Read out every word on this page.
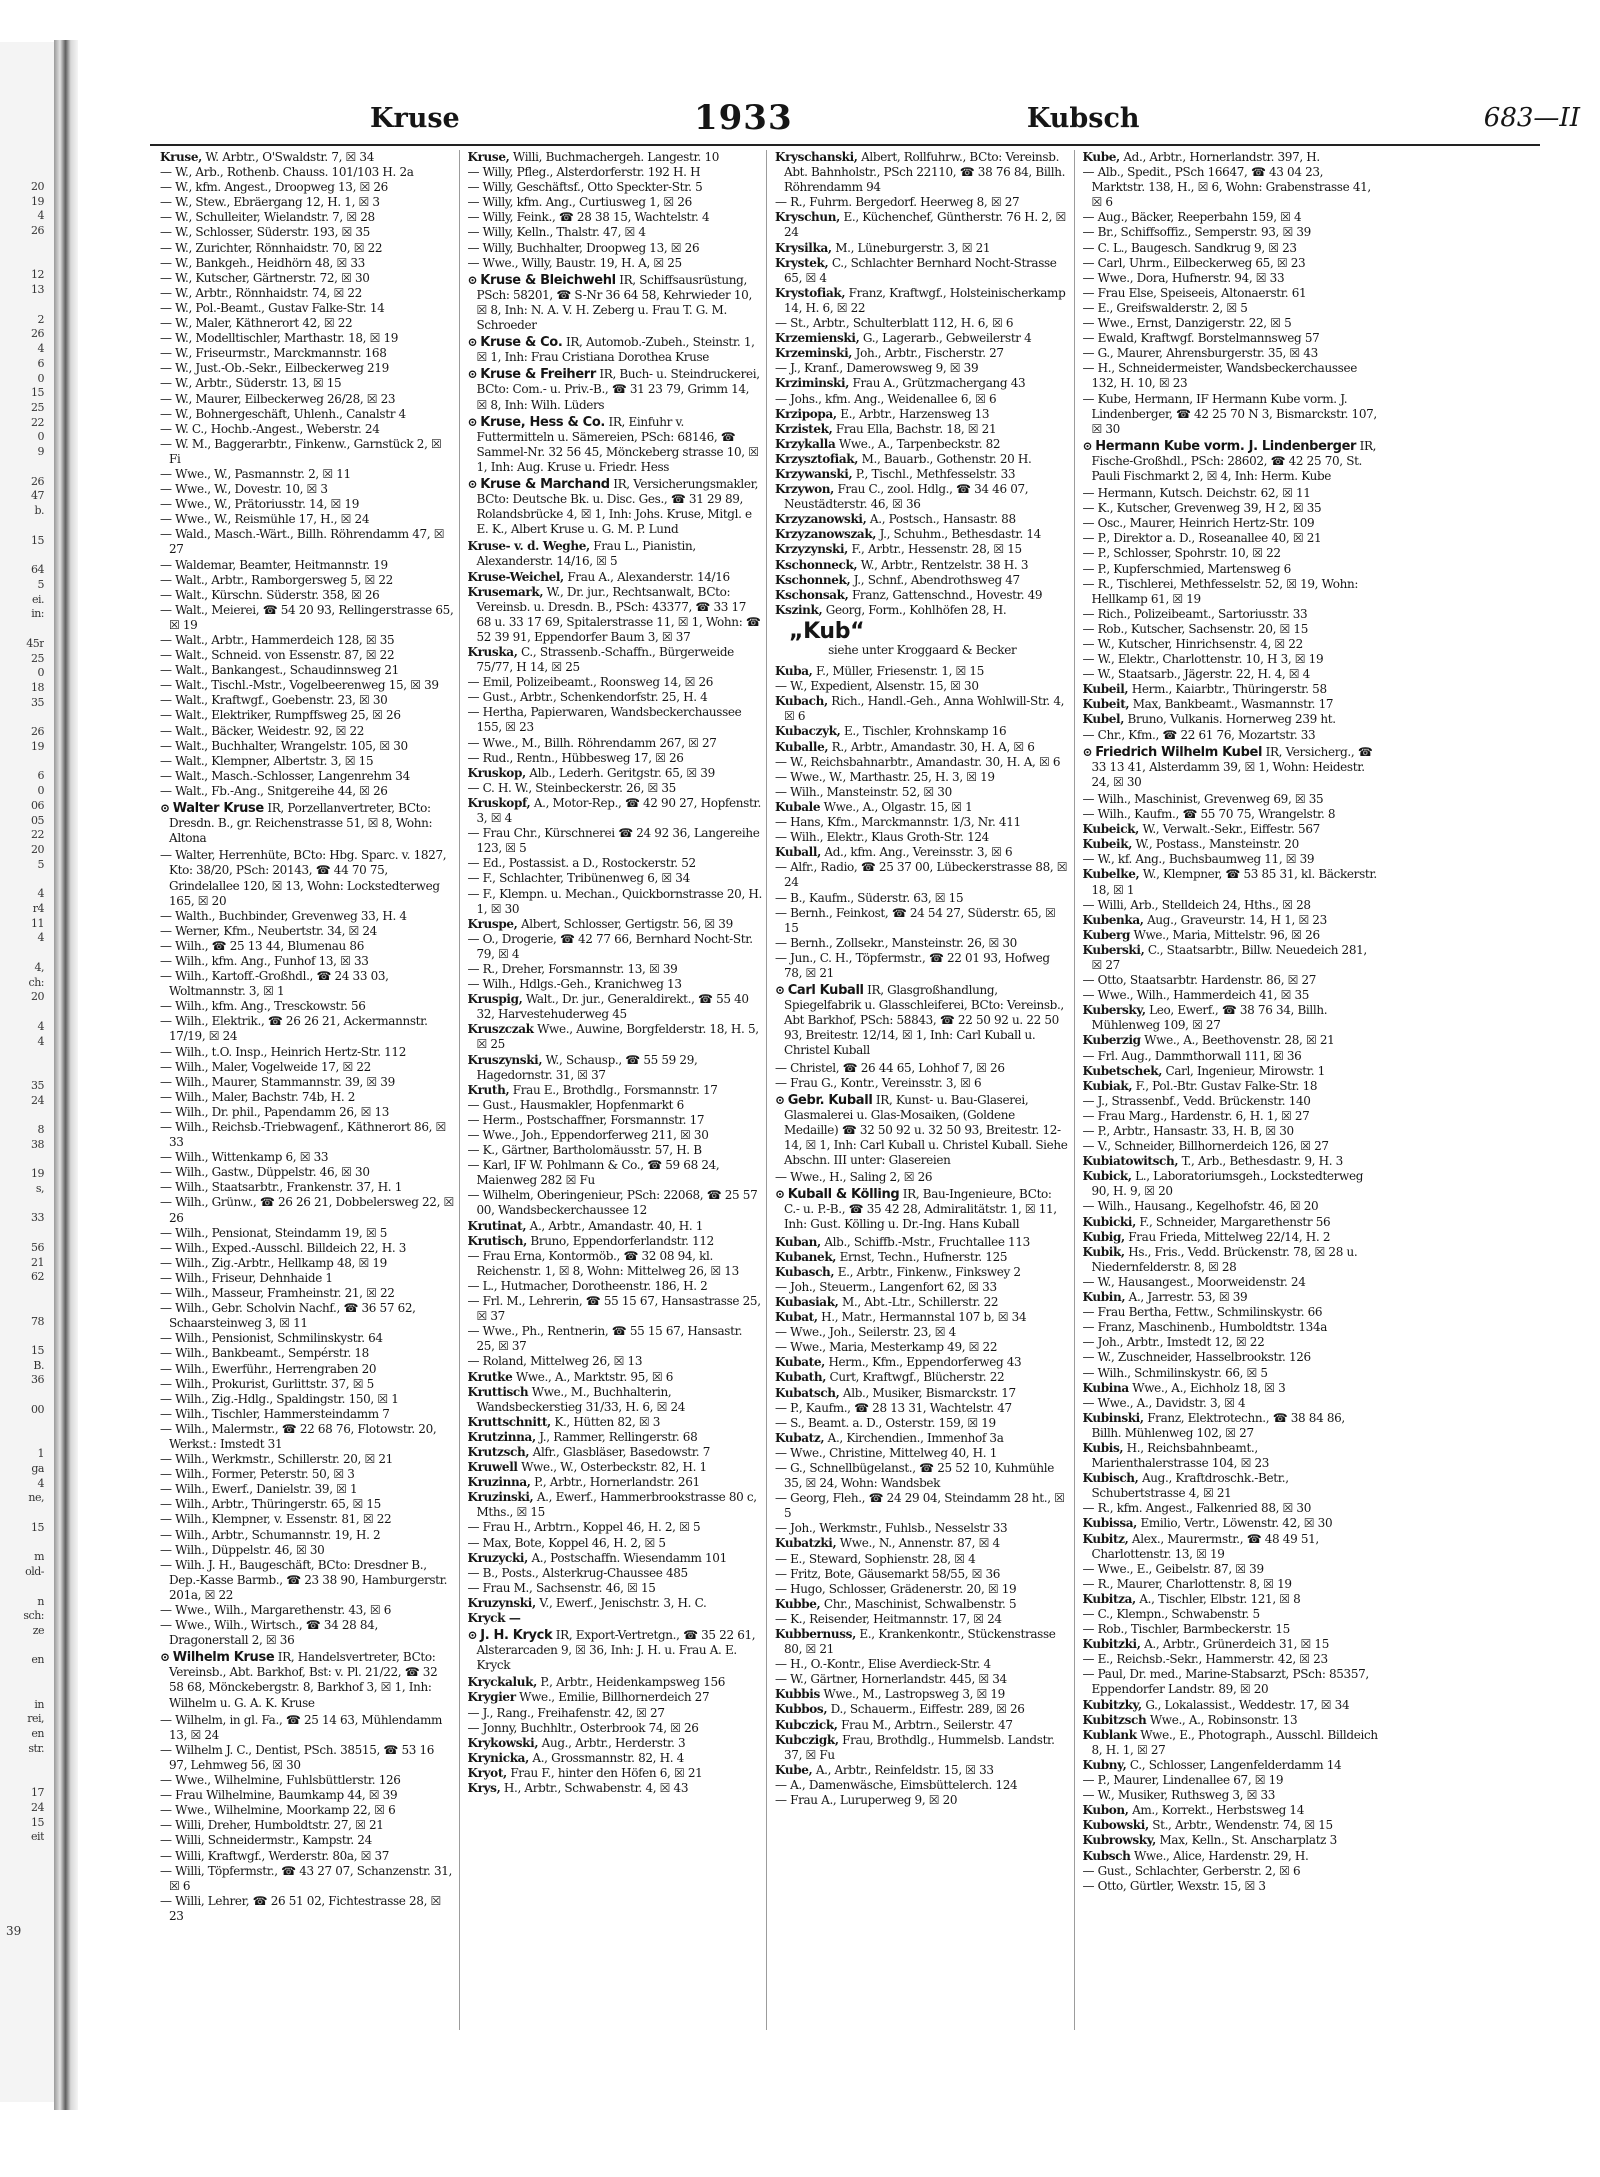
20
19
4
26

12
13

2
26
4
6
0
15
25
22
0
9

26
47
b.

15

64
5
ei.
in:

45r
25
0
18
35

26
19

6
0
06
05
22
20
5

4
r4
11
4

4,
ch:
20

4
4

35
24

8
38

19
s,

33

56
21
62

78

15
B.
36

00

1
ga
4
ne,

15

m
old-

n
sch:
ze

en

in
rei,
en
str.

17
24
15
eit

39
Kruse	1933	Kubsch	683—II

Kruse, W. Arbtr., O'Swaldstr. 7, ☒ 34

— W., Arb., Rothenb. Chauss. 101/103 H. 2a

— W., kfm. Angest., Droopweg 13, ☒ 26

— W., Stew., Ebräergang 12, H. 1, ☒ 3

— W., Schulleiter, Wielandstr. 7, ☒ 28

— W., Schlosser, Süderstr. 193, ☒ 35

— W., Zurichter, Rönnhaidstr. 70, ☒ 22

— W., Bankgeh., Heidhörn 48, ☒ 33

— W., Kutscher, Gärtnerstr. 72, ☒ 30

— W., Arbtr., Rönnhaidstr. 74, ☒ 22

— W., Pol.-Beamt., Gustav Falke-Str. 14

— W., Maler, Käthnerort 42, ☒ 22

— W., Modelltischler, Marthastr. 18, ☒ 19

— W., Friseurmstr., Marckmannstr. 168

— W., Just.-Ob.-Sekr., Eilbeckerweg 219

— W., Arbtr., Süderstr. 13, ☒ 15

— W., Maurer, Eilbeckerweg 26/28, ☒ 23

— W., Bohnergeschäft, Uhlenh., Canalstr 4

— W. C., Hochb.-Angest., Weberstr. 24

— W. M., Baggerarbtr., Finkenw., Garnstück 2, ☒ Fi

— Wwe., W., Pasmannstr. 2, ☒ 11

— Wwe., W., Dovestr. 10, ☒ 3

— Wwe., W., Prätoriusstr. 14, ☒ 19

— Wwe., W., Reismühle 17, H., ☒ 24

— Wald., Masch.-Wärt., Billh. Röhrendamm 47, ☒ 27

— Waldemar, Beamter, Heitmannstr. 19

— Walt., Arbtr., Ramborgersweg 5, ☒ 22

— Walt., Kürschn. Süderstr. 358, ☒ 26

— Walt., Meierei, ☎ 54 20 93, Rellingerstrasse 65, ☒ 19

— Walt., Arbtr., Hammerdeich 128, ☒ 35

— Walt., Schneid. von Essenstr. 87, ☒ 22

— Walt., Bankangest., Schaudinnsweg 21

— Walt., Tischl.-Mstr., Vogelbeerenweg 15, ☒ 39

— Walt., Kraftwgf., Goebenstr. 23, ☒ 30

— Walt., Elektriker, Rumpffsweg 25, ☒ 26

— Walt., Bäcker, Weidestr. 92, ☒ 22

— Walt., Buchhalter, Wrangelstr. 105, ☒ 30

— Walt., Klempner, Albertstr. 3, ☒ 15

— Walt., Masch.-Schlosser, Langenrehm 34

— Walt., Fb.-Ang., Snitgereihe 44, ☒ 26

⊙ Walter Kruse IR, Porzellanvertreter, BCto: Dresdn. B., gr. Reichenstrasse 51, ☒ 8, Wohn: Altona

— Walter, Herrenhüte, BCto: Hbg. Sparc. v. 1827, Kto: 38/20, PSch: 20143, ☎ 44 70 75, Grindelallee 120, ☒ 13, Wohn: Lockstedterweg 165, ☒ 20

— Walth., Buchbinder, Grevenweg 33, H. 4

— Werner, Kfm., Neubertstr. 34, ☒ 24

— Wilh., ☎ 25 13 44, Blumenau 86

— Wilh., kfm. Ang., Funhof 13, ☒ 33

— Wilh., Kartoff.-Großhdl., ☎ 24 33 03, Woltmannstr. 3, ☒ 1

— Wilh., kfm. Ang., Tresckowstr. 56

— Wilh., Elektrik., ☎ 26 26 21, Ackermannstr. 17/19, ☒ 24

— Wilh., t.O. Insp., Heinrich Hertz-Str. 112

— Wilh., Maler, Vogelweide 17, ☒ 22

— Wilh., Maurer, Stammannstr. 39, ☒ 39

— Wilh., Maler, Bachstr. 74b, H. 2

— Wilh., Dr. phil., Papendamm 26, ☒ 13

— Wilh., Reichsb.-Triebwagenf., Käthnerort 86, ☒ 33

— Wilh., Wittenkamp 6, ☒ 33

— Wilh., Gastw., Düppelstr. 46, ☒ 30

— Wilh., Staatsarbtr., Frankenstr. 37, H. 1

— Wilh., Grünw., ☎ 26 26 21, Dobbelersweg 22, ☒ 26

— Wilh., Pensionat, Steindamm 19, ☒ 5

— Wilh., Exped.-Ausschl. Billdeich 22, H. 3

— Wilh., Zig.-Arbtr., Hellkamp 48, ☒ 19

— Wilh., Friseur, Dehnhaide 1

— Wilh., Masseur, Framheinstr. 21, ☒ 22

— Wilh., Gebr. Scholvin Nachf., ☎ 36 57 62, Schaarsteinweg 3, ☒ 11

— Wilh., Pensionist, Schmilinskystr. 64

— Wilh., Bankbeamt., Sempérstr. 18

— Wilh., Ewerführ., Herrengraben 20

— Wilh., Prokurist, Gurlittstr. 37, ☒ 5

— Wilh., Zig.-Hdlg., Spaldingstr. 150, ☒ 1

— Wilh., Tischler, Hammersteindamm 7

— Wilh., Malermstr., ☎ 22 68 76, Flotowstr. 20, Werkst.: Imstedt 31

— Wilh., Werkmstr., Schillerstr. 20, ☒ 21

— Wilh., Former, Peterstr. 50, ☒ 3

— Wilh., Ewerf., Danielstr. 39, ☒ 1

— Wilh., Arbtr., Thüringerstr. 65, ☒ 15

— Wilh., Klempner, v. Essenstr. 81, ☒ 22

— Wilh., Arbtr., Schumannstr. 19, H. 2

— Wilh., Düppelstr. 46, ☒ 30

— Wilh. J. H., Baugeschäft, BCto: Dresdner B., Dep.-Kasse Barmb., ☎ 23 38 90, Hamburgerstr. 201a, ☒ 22

— Wwe., Wilh., Margarethenstr. 43, ☒ 6

— Wwe., Wilh., Wirtsch., ☎ 34 28 84, Dragonerstall 2, ☒ 36

⊙ Wilhelm Kruse IR, Handelsvertreter, BCto: Vereinsb., Abt. Barkhof, Bst: v. Pl. 21/22, ☎ 32 58 68, Mönckebergstr. 8, Barkhof 3, ☒ 1, Inh: Wilhelm u. G. A. K. Kruse

— Wilhelm, in gl. Fa., ☎ 25 14 63, Mühlendamm 13, ☒ 24

— Wilhelm J. C., Dentist, PSch. 38515, ☎ 53 16 97, Lehmweg 56, ☒ 30

— Wwe., Wilhelmine, Fuhlsbüttlerstr. 126

— Frau Wilhelmine, Baumkamp 44, ☒ 39

— Wwe., Wilhelmine, Moorkamp 22, ☒ 6

— Willi, Dreher, Humboldtstr. 27, ☒ 21

— Willi, Schneidermstr., Kampstr. 24

— Willi, Kraftwgf., Werderstr. 80a, ☒ 37

— Willi, Töpfermstr., ☎ 43 27 07, Schanzenstr. 31, ☒ 6

— Willi, Lehrer, ☎ 26 51 02, Fichtestrasse 28, ☒ 23

Kruse, Willi, Buchmachergeh. Langestr. 10

— Willy, Pfleg., Alsterdorferstr. 192 H. H

— Willy, Geschäftsf., Otto Speckter-Str. 5

— Willy, kfm. Ang., Curtiusweg 1, ☒ 26

— Willy, Feink., ☎ 28 38 15, Wachtelstr. 4

— Willy, Kelln., Thalstr. 47, ☒ 4

— Willy, Buchhalter, Droopweg 13, ☒ 26

— Wwe., Willy, Baustr. 19, H. A, ☒ 25

⊙ Kruse & Bleichwehl IR, Schiffsausrüstung, PSch: 58201, ☎ S-Nr 36 64 58, Kehrwieder 10, ☒ 8, Inh: N. A. V. H. Zeberg u. Frau T. G. M. Schroeder

⊙ Kruse & Co. IR, Automob.-Zubeh., Steinstr. 1, ☒ 1, Inh: Frau Cristiana Dorothea Kruse

⊙ Kruse & Freiherr IR, Buch- u. Steindruckerei, BCto: Com.- u. Priv.-B., ☎ 31 23 79, Grimm 14, ☒ 8, Inh: Wilh. Lüders

⊙ Kruse, Hess & Co. IR, Einfuhr v. Futtermitteln u. Sämereien, PSch: 68146, ☎ Sammel-Nr. 32 56 45, Mönckeberg strasse 10, ☒ 1, Inh: Aug. Kruse u. Friedr. Hess

⊙ Kruse & Marchand IR, Versicherungsmakler, BCto: Deutsche Bk. u. Disc. Ges., ☎ 31 29 89, Rolandsbrücke 4, ☒ 1, Inh: Johs. Kruse, Mitgl. e E. K., Albert Kruse u. G. M. P. Lund

Kruse- v. d. Weghe, Frau L., Pianistin, Alexanderstr. 14/16, ☒ 5

Kruse-Weichel, Frau A., Alexanderstr. 14/16

Krusemark, W., Dr. jur., Rechtsanwalt, BCto: Vereinsb. u. Dresdn. B., PSch: 43377, ☎ 33 17 68 u. 33 17 69, Spitalerstrasse 11, ☒ 1, Wohn: ☎ 52 39 91, Eppendorfer Baum 3, ☒ 37

Kruska, C., Strassenb.-Schaffn., Bürgerweide 75/77, H 14, ☒ 25

— Emil, Polizeibeamt., Roonsweg 14, ☒ 26

— Gust., Arbtr., Schenkendorfstr. 25, H. 4

— Hertha, Papierwaren, Wandsbeckerchaussee 155, ☒ 23

— Wwe., M., Billh. Röhrendamm 267, ☒ 27

— Rud., Rentn., Hübbesweg 17, ☒ 26

Kruskop, Alb., Lederh. Geritgstr. 65, ☒ 39

— C. H. W., Steinbeckerstr. 26, ☒ 35

Kruskopf, A., Motor-Rep., ☎ 42 90 27, Hopfenstr. 3, ☒ 4

— Frau Chr., Kürschnerei ☎ 24 92 36, Langereihe 123, ☒ 5

— Ed., Postassist. a D., Rostockerstr. 52

— F., Schlachter, Tribünenweg 6, ☒ 34

— F., Klempn. u. Mechan., Quickbornstrasse 20, H. 1, ☒ 30

Kruspe, Albert, Schlosser, Gertigstr. 56, ☒ 39

— O., Drogerie, ☎ 42 77 66, Bernhard Nocht-Str. 79, ☒ 4

— R., Dreher, Forsmannstr. 13, ☒ 39

— Wilh., Hdlgs.-Geh., Kranichweg 13

Kruspig, Walt., Dr. jur., Generaldirekt., ☎ 55 40 32, Harvestehuderweg 45

Kruszczak Wwe., Auwine, Borgfelderstr. 18, H. 5, ☒ 25

Kruszynski, W., Schausp., ☎ 55 59 29, Hagedornstr. 31, ☒ 37

Kruth, Frau E., Brothdlg., Forsmannstr. 17

— Gust., Hausmakler, Hopfenmarkt 6

— Herm., Postschaffner, Forsmannstr. 17

— Wwe., Joh., Eppendorferweg 211, ☒ 30

— K., Gärtner, Bartholomäusstr. 57, H. B

— Karl, IF W. Pohlmann & Co., ☎ 59 68 24, Maienweg 282 ☒ Fu

— Wilhelm, Oberingenieur, PSch: 22068, ☎ 25 57 00, Wandsbeckerchaussee 12

Krutinat, A., Arbtr., Amandastr. 40, H. 1

Krutisch, Bruno, Eppendorferlandstr. 112

— Frau Erna, Kontormöb., ☎ 32 08 94, kl. Reichenstr. 1, ☒ 8, Wohn: Mittelweg 26, ☒ 13

— L., Hutmacher, Dorotheenstr. 186, H. 2

— Frl. M., Lehrerin, ☎ 55 15 67, Hansastrasse 25, ☒ 37

— Wwe., Ph., Rentnerin, ☎ 55 15 67, Hansastr. 25, ☒ 37

— Roland, Mittelweg 26, ☒ 13

Krutke Wwe., A., Marktstr. 95, ☒ 6

Kruttisch Wwe., M., Buchhalterin, Wandsbeckerstieg 31/33, H. 6, ☒ 24

Kruttschnitt, K., Hütten 82, ☒ 3

Krutzinna, J., Rammer, Rellingerstr. 68

Krutzsch, Alfr., Glasbläser, Basedowstr. 7

Kruwell Wwe., W., Osterbeckstr. 82, H. 1

Kruzinna, P., Arbtr., Hornerlandstr. 261

Kruzinski, A., Ewerf., Hammerbrookstrasse 80 c, Mths., ☒ 15

— Frau H., Arbtrn., Koppel 46, H. 2, ☒ 5

— Max, Bote, Koppel 46, H. 2, ☒ 5

Kruzycki, A., Postschaffn. Wiesendamm 101

— B., Posts., Alsterkrug-Chaussee 485

— Frau M., Sachsenstr. 46, ☒ 15

Kruzynski, V., Ewerf., Jenischstr. 3, H. C.

Kryck —

⊙ J. H. Kryck IR, Export-Vertretgn., ☎ 35 22 61, Alsterarcaden 9, ☒ 36, Inh: J. H. u. Frau A. E. Kryck

Kryckaluk, P., Arbtr., Heidenkampsweg 156

Krygier Wwe., Emilie, Billhornerdeich 27

— J., Rang., Freihafenstr. 42, ☒ 27

— Jonny, Buchhltr., Osterbrook 74, ☒ 26

Krykowski, Aug., Arbtr., Herderstr. 3

Krynicka, A., Grossmannstr. 82, H. 4

Kryot, Frau F., hinter den Höfen 6, ☒ 21

Krys, H., Arbtr., Schwabenstr. 4, ☒ 43

Kryschanski, Albert, Rollfuhrw., BCto: Vereinsb. Abt. Bahnholstr., PSch 22110, ☎ 38 76 84, Billh. Röhrendamm 94

— R., Fuhrm. Bergedorf. Heerweg 8, ☒ 27

Kryschun, E., Küchenchef, Güntherstr. 76 H. 2, ☒ 24

Krysilka, M., Lüneburgerstr. 3, ☒ 21

Krystek, C., Schlachter Bernhard Nocht-Strasse 65, ☒ 4

Krystofiak, Franz, Kraftwgf., Holsteinischerkamp 14, H. 6, ☒ 22

— St., Arbtr., Schulterblatt 112, H. 6, ☒ 6

Krzemienski, G., Lagerarb., Gebweilerstr 4

Krzeminski, Joh., Arbtr., Fischerstr. 27

— J., Kranf., Damerowsweg 9, ☒ 39

Krziminski, Frau A., Grützmachergang 43

— Johs., kfm. Ang., Weidenallee 6, ☒ 6

Krzipopa, E., Arbtr., Harzensweg 13

Krzistek, Frau Ella, Bachstr. 18, ☒ 21

Krzykalla Wwe., A., Tarpenbeckstr. 82

Krzysztofiak, M., Bauarb., Gothenstr. 20 H.

Krzywanski, P., Tischl., Methfesselstr. 33

Krzywon, Frau C., zool. Hdlg., ☎ 34 46 07, Neustädterstr. 46, ☒ 36

Krzyzanowski, A., Postsch., Hansastr. 88

Krzyzanowszak, J., Schuhm., Bethesdastr. 14

Krzyzynski, F., Arbtr., Hessenstr. 28, ☒ 15

Kschonneck, W., Arbtr., Rentzelstr. 38 H. 3

Kschonnek, J., Schnf., Abendrothsweg 47

Kschonsak, Franz, Gattenschnd., Hovestr. 49

Kszink, Georg, Form., Kohlhöfen 28, H.

„Kub“
siehe unter Kroggaard & Becker

Kuba, F., Müller, Friesenstr. 1, ☒ 15

— W., Expedient, Alsenstr. 15, ☒ 30

Kubach, Rich., Handl.-Geh., Anna Wohlwill-Str. 4, ☒ 6

Kubaczyk, E., Tischler, Krohnskamp 16

Kuballe, R., Arbtr., Amandastr. 30, H. A, ☒ 6

— W., Reichsbahnarbtr., Amandastr. 30, H. A, ☒ 6

— Wwe., W., Marthastr. 25, H. 3, ☒ 19

— Wilh., Mansteinstr. 52, ☒ 30

Kubale Wwe., A., Olgastr. 15, ☒ 1

— Hans, Kfm., Marckmannstr. 1/3, Nr. 411

— Wilh., Elektr., Klaus Groth-Str. 124

Kuball, Ad., kfm. Ang., Vereinsstr. 3, ☒ 6

— Alfr., Radio, ☎ 25 37 00, Lübeckerstrasse 88, ☒ 24

— B., Kaufm., Süderstr. 63, ☒ 15

— Bernh., Feinkost, ☎ 24 54 27, Süderstr. 65, ☒ 15

— Bernh., Zollsekr., Mansteinstr. 26, ☒ 30

— Jun., C. H., Töpfermstr., ☎ 22 01 93, Hofweg 78, ☒ 21

⊙ Carl Kuball IR, Glasgroßhandlung, Spiegelfabrik u. Glasschleiferei, BCto: Vereinsb., Abt Barkhof, PSch: 58843, ☎ 22 50 92 u. 22 50 93, Breitestr. 12/14, ☒ 1, Inh: Carl Kuball u. Christel Kuball

— Christel, ☎ 26 44 65, Lohhof 7, ☒ 26

— Frau G., Kontr., Vereinsstr. 3, ☒ 6

⊙ Gebr. Kuball IR, Kunst- u. Bau-Glaserei, Glasmalerei u. Glas-Mosaiken, (Goldene Medaille) ☎ 32 50 92 u. 32 50 93, Breitestr. 12-14, ☒ 1, Inh: Carl Kuball u. Christel Kuball. Siehe Abschn. III unter: Glasereien

— Wwe., H., Saling 2, ☒ 26

⊙ Kuball & Kölling IR, Bau-Ingenieure, BCto: C.- u. P.-B., ☎ 35 42 28, Admiralitätstr. 1, ☒ 11, Inh: Gust. Kölling u. Dr.-Ing. Hans Kuball

Kuban, Alb., Schiffb.-Mstr., Fruchtallee 113

Kubanek, Ernst, Techn., Hufnerstr. 125

Kubasch, E., Arbtr., Finkenw., Finkswey 2

— Joh., Steuerm., Langenfort 62, ☒ 33

Kubasiak, M., Abt.-Ltr., Schillerstr. 22

Kubat, H., Matr., Hermannstal 107 b, ☒ 34

— Wwe., Joh., Seilerstr. 23, ☒ 4

— Wwe., Maria, Mesterkamp 49, ☒ 22

Kubate, Herm., Kfm., Eppendorferweg 43

Kubath, Curt, Kraftwgf., Blücherstr. 22

Kubatsch, Alb., Musiker, Bismarckstr. 17

— P., Kaufm., ☎ 28 13 31, Wachtelstr. 47

— S., Beamt. a. D., Osterstr. 159, ☒ 19

Kubatz, A., Kirchendien., Immenhof 3a

— Wwe., Christine, Mittelweg 40, H. 1

— G., Schnellbügelanst., ☎ 25 52 10, Kuhmühle 35, ☒ 24, Wohn: Wandsbek

— Georg, Fleh., ☎ 24 29 04, Steindamm 28 ht., ☒ 5

— Joh., Werkmstr., Fuhlsb., Nesselstr 33

Kubatzki, Wwe., N., Annenstr. 87, ☒ 4

— E., Steward, Sophienstr. 28, ☒ 4

— Fritz, Bote, Gäusemarkt 58/55, ☒ 36

— Hugo, Schlosser, Grädenerstr. 20, ☒ 19

Kubbe, Chr., Maschinist, Schwalbenstr. 5

— K., Reisender, Heitmannstr. 17, ☒ 24

Kubbernuss, E., Krankenkontr., Stückenstrasse 80, ☒ 21

— H., O.-Kontr., Elise Averdieck-Str. 4

— W., Gärtner, Hornerlandstr. 445, ☒ 34

Kubbis Wwe., M., Lastropsweg 3, ☒ 19

Kubbos, D., Schauerm., Eiffestr. 289, ☒ 26

Kubczick, Frau M., Arbtrn., Seilerstr. 47

Kubczigk, Frau, Brothdlg., Hummelsb. Landstr. 37, ☒ Fu

Kube, A., Arbtr., Reinfeldstr. 15, ☒ 33

— A., Damenwäsche, Eimsbüttelerch. 124

— Frau A., Luruperweg 9, ☒ 20

Kube, Ad., Arbtr., Hornerlandstr. 397, H.

— Alb., Spedit., PSch 16647, ☎ 43 04 23, Marktstr. 138, H., ☒ 6, Wohn: Grabenstrasse 41, ☒ 6

— Aug., Bäcker, Reeperbahn 159, ☒ 4

— Br., Schiffsoffiz., Semperstr. 93, ☒ 39

— C. L., Baugesch. Sandkrug 9, ☒ 23

— Carl, Uhrm., Eilbeckerweg 65, ☒ 23

— Wwe., Dora, Hufnerstr. 94, ☒ 33

— Frau Else, Speiseeis, Altonaerstr. 61

— E., Greifswalderstr. 2, ☒ 5

— Wwe., Ernst, Danzigerstr. 22, ☒ 5

— Ewald, Kraftwgf. Borstelmannsweg 57

— G., Maurer, Ahrensburgerstr. 35, ☒ 43

— H., Schneidermeister, Wandsbeckerchaussee 132, H. 10, ☒ 23

— Kube, Hermann, IF Hermann Kube vorm. J. Lindenberger, ☎ 42 25 70 N 3, Bismarckstr. 107, ☒ 30

⊙ Hermann Kube vorm. J. Lindenberger IR, Fische-Großhdl., PSch: 28602, ☎ 42 25 70, St. Pauli Fischmarkt 2, ☒ 4, Inh: Herm. Kube

— Hermann, Kutsch. Deichstr. 62, ☒ 11

— K., Kutscher, Grevenweg 39, H 2, ☒ 35

— Osc., Maurer, Heinrich Hertz-Str. 109

— P., Direktor a. D., Roseanallee 40, ☒ 21

— P., Schlosser, Spohrstr. 10, ☒ 22

— P., Kupferschmied, Martensweg 6

— R., Tischlerei, Methfesselstr. 52, ☒ 19, Wohn: Hellkamp 61, ☒ 19

— Rich., Polizeibeamt., Sartoriusstr. 33

— Rob., Kutscher, Sachsenstr. 20, ☒ 15

— W., Kutscher, Hinrichsenstr. 4, ☒ 22

— W., Elektr., Charlottenstr. 10, H 3, ☒ 19

— W., Staatsarb., Jägerstr. 22, H. 4, ☒ 4

Kubeil, Herm., Kaiarbtr., Thüringerstr. 58

Kubeit, Max, Bankbeamt., Wasmannstr. 17

Kubel, Bruno, Vulkanis. Hornerweg 239 ht.

— Chr., Kfm., ☎ 22 61 76, Mozartstr. 33

⊙ Friedrich Wilhelm Kubel IR, Versicherg., ☎ 33 13 41, Alsterdamm 39, ☒ 1, Wohn: Heidestr. 24, ☒ 30

— Wilh., Maschinist, Grevenweg 69, ☒ 35

— Wilh., Kaufm., ☎ 55 70 75, Wrangelstr. 8

Kubeick, W., Verwalt.-Sekr., Eiffestr. 567

Kubeik, W., Postass., Mansteinstr. 20

— W., kf. Ang., Buchsbaumweg 11, ☒ 39

Kubelke, W., Klempner, ☎ 53 85 31, kl. Bäckerstr. 18, ☒ 1

— Willi, Arb., Stelldeich 24, Hths., ☒ 28

Kubenka, Aug., Graveurstr. 14, H 1, ☒ 23

Kuberg Wwe., Maria, Mittelstr. 96, ☒ 26

Kuberski, C., Staatsarbtr., Billw. Neuedeich 281, ☒ 27

— Otto, Staatsarbtr. Hardenstr. 86, ☒ 27

— Wwe., Wilh., Hammerdeich 41, ☒ 35

Kubersky, Leo, Ewerf., ☎ 38 76 34, Billh. Mühlenweg 109, ☒ 27

Kuberzig Wwe., A., Beethovenstr. 28, ☒ 21

— Frl. Aug., Dammthorwall 111, ☒ 36

Kubetschek, Carl, Ingenieur, Mirowstr. 1

Kubiak, F., Pol.-Btr. Gustav Falke-Str. 18

— J., Strassenbf., Vedd. Brückenstr. 140

— Frau Marg., Hardenstr. 6, H. 1, ☒ 27

— P., Arbtr., Hansastr. 33, H. B, ☒ 30

— V., Schneider, Billhornerdeich 126, ☒ 27

Kubiatowitsch, T., Arb., Bethesdastr. 9, H. 3

Kubick, L., Laboratoriumsgeh., Lockstedterweg 90, H. 9, ☒ 20

— Wilh., Hausang., Kegelhofstr. 46, ☒ 20

Kubicki, F., Schneider, Margarethenstr 56

Kubig, Frau Frieda, Mittelweg 22/14, H. 2

Kubik, Hs., Fris., Vedd. Brückenstr. 78, ☒ 28 u. Niedernfelderstr. 8, ☒ 28

— W., Hausangest., Moorweidenstr. 24

Kubin, A., Jarrestr. 53, ☒ 39

— Frau Bertha, Fettw., Schmilinskystr. 66

— Franz, Maschinenb., Humboldtstr. 134a

— Joh., Arbtr., Imstedt 12, ☒ 22

— W., Zuschneider, Hasselbrookstr. 126

— Wilh., Schmilinskystr. 66, ☒ 5

Kubina Wwe., A., Eichholz 18, ☒ 3

— Wwe., A., Davidstr. 3, ☒ 4

Kubinski, Franz, Elektrotechn., ☎ 38 84 86, Billh. Mühlenweg 102, ☒ 27

Kubis, H., Reichsbahnbeamt., Marienthalerstrasse 104, ☒ 23

Kubisch, Aug., Kraftdroschk.-Betr., Schubertstrasse 4, ☒ 21

— R., kfm. Angest., Falkenried 88, ☒ 30

Kubissa, Emilio, Vertr., Löwenstr. 42, ☒ 30

Kubitz, Alex., Maurermstr., ☎ 48 49 51, Charlottenstr. 13, ☒ 19

— Wwe., E., Geibelstr. 87, ☒ 39

— R., Maurer, Charlottenstr. 8, ☒ 19

Kubitza, A., Tischler, Elbstr. 121, ☒ 8

— C., Klempn., Schwabenstr. 5

— Rob., Tischler, Barmbeckerstr. 15

Kubitzki, A., Arbtr., Grünerdeich 31, ☒ 15

— E., Reichsb.-Sekr., Hammerstr. 42, ☒ 23

— Paul, Dr. med., Marine-Stabsarzt, PSch: 85357, Eppendorfer Landstr. 89, ☒ 20

Kubitzky, G., Lokalassist., Weddestr. 17, ☒ 34

Kubitzsch Wwe., A., Robinsonstr. 13

Kublank Wwe., E., Photograph., Ausschl. Billdeich 8, H. 1, ☒ 27

Kubny, C., Schlosser, Langenfelderdamm 14

— P., Maurer, Lindenallee 67, ☒ 19

— W., Musiker, Ruthsweg 3, ☒ 33

Kubon, Am., Korrekt., Herbstsweg 14

Kubowski, St., Arbtr., Wendenstr. 74, ☒ 15

Kubrowsky, Max, Kelln., St. Anscharplatz 3

Kubsch Wwe., Alice, Hardenstr. 29, H.

— Gust., Schlachter, Gerberstr. 2, ☒ 6

— Otto, Gürtler, Wexstr. 15, ☒ 3
